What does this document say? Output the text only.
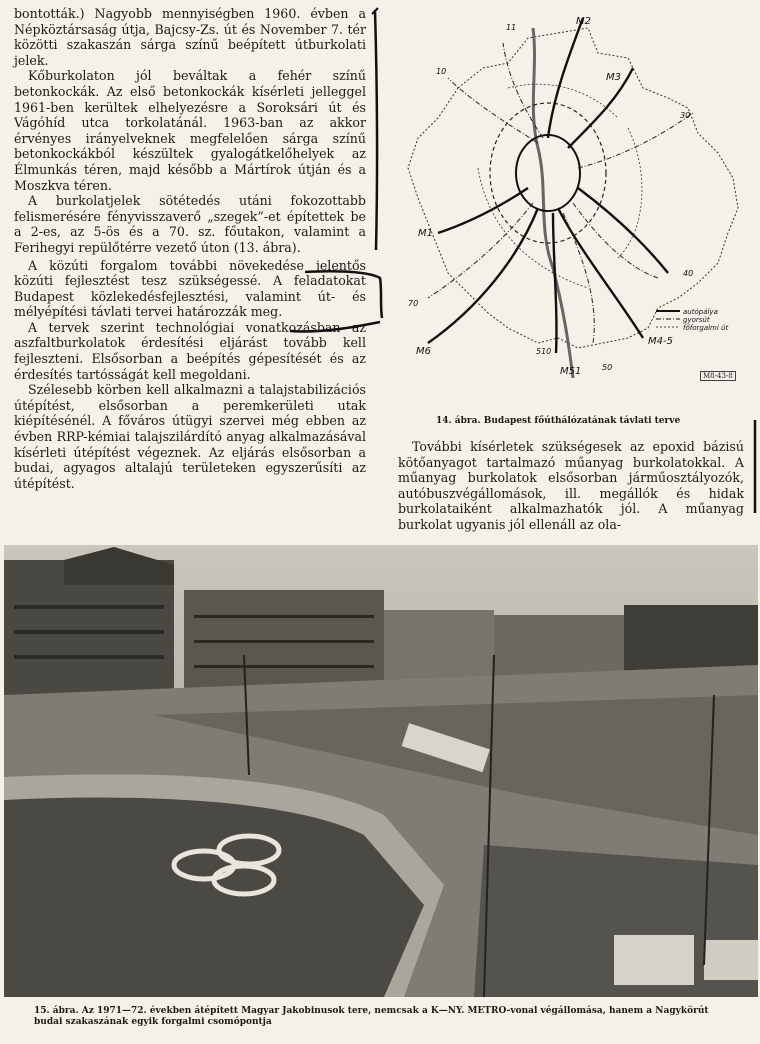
bontották.) Nagyobb mennyiségben 1960. évben a Népköztársaság útja, Bajcsy-Zs. út és November 7. tér közötti szakaszán sárga színű beépített útburkolati jelek.

Kőburkolaton jól beváltak a fehér színű betonkockák. Az első betonkockák kísérleti jelleggel 1961-ben kerültek elhelyezésre a Soroksári út és Vágóhíd utca torkolatánál. 1963-ban az akkor érvényes irányelveknek megfelelően sárga színű betonkockákból készültek gyalogátkelőhelyek az Élmunkás téren, majd később a Mártírok útján és a Moszkva téren.

A burkolatjelek sötétedés utáni fokozottabb felismerésére fényvisszaverő „szegek”-et építettek be a 2-es, az 5-ös és a 70. sz. főutakon, valamint a Ferihegyi repülőtérre vezető úton (13. ábra).

A közúti forgalom további növekedése jelentős közúti fejlesztést tesz szükségessé. A feladatokat Budapest közlekedésfejlesztési, valamint út- és mélyépítési távlati tervei határozzák meg.

A tervek szerint technológiai vonatkozásban az aszfaltburkolatok érdesítési eljárást tovább kell fejleszteni. Elsősorban a beépítés gépesítését és az érdesítés tartósságát kell megoldani.

Szélesebb körben kell alkalmazni a talajstabilizációs útépítést, elsősorban a peremkerületi utak kiépítésénél. A főváros útügyi szervei még ebben az évben RRP-kémiai talajszilárdító anyag alkalmazásával kísérleti útépítést végeznek. Az eljárás elsősorban a budai, agyagos altalajú területeken egyszerűsíti az útépítést.

M2
11
M3
10
30
M1
40
70
M6	510
M51	50
M4-5
autópálya
gyorsút
főforgalmi út
M8-43-8
14. ábra. Budapest főúthálózatának távlati terve

További kísérletek szükségesek az epoxid bázisú kötőanyagot tartalmazó műanyag burkolatokkal. A műanyag burkolatok elsősorban járműosztályozók, autóbuszvégállomások, ill. megállók és hidak burkolataiként alkalmazhatók jól. A műanyag burkolat ugyanis jól ellenáll az ola-

15. ábra. Az 1971—72. években átépített Magyar Jakobinusok tere, nemcsak a K—NY. METRO-vonal végállomása, hanem a Nagykörút budai szakaszának egyik forgalmi csomópontja
